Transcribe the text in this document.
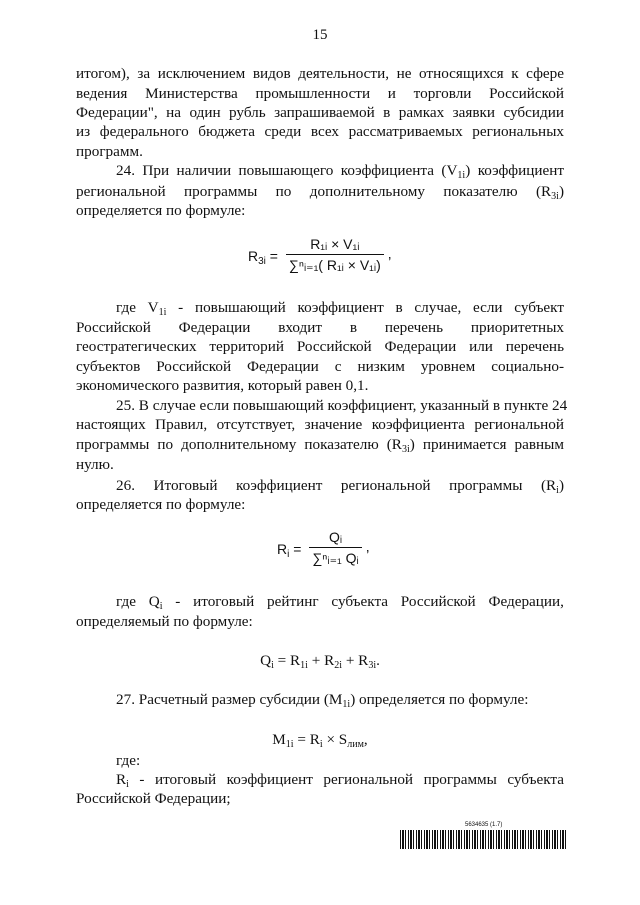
15
итогом), за исключением видов деятельности, не относящихся к сфере
ведения Министерства промышленности и торговли Российской
Федерации", на один рубль запрашиваемой в рамках заявки субсидии
из федерального бюджета среди всех рассматриваемых региональных
программ.
24. При наличии повышающего коэффициента $(V_{1i})$ коэффициент
региональной программы по дополнительному показателю $(R_{3i})$
определяется по формуле:
$R_{3i} = \frac{\text{R₁ᵢ × V₁ᵢ}}{\text{∑ⁿᵢ₌₁( R₁ᵢ × V₁ᵢ)}}$ ,
где $V_{1i}$ - повышающий коэффициент в случае, если субъект
Российской Федерации входит в перечень приоритетных
геостратегических территорий Российской Федерации или перечень
субъектов Российской Федерации с низким уровнем социально-
экономического развития, который равен 0,1.
25. В случае если повышающий коэффициент, указанный в пункте 24
настоящих Правил, отсутствует, значение коэффициента региональной
программы по дополнительному показателю $(R_{3i})$ принимается равным
нулю.
26. Итоговый коэффициент региональной программы $(R_i)$
определяется по формуле:
$R_i = \frac{\text{Qᵢ}}{\text{∑ⁿᵢ₌₁ Qᵢ}}$ ,
где $Q_i$ - итоговый рейтинг субъекта Российской Федерации,
определяемый по формуле:
$Q_i = R_{1i} + R_{2i} + R_{3i}$.
27. Расчетный размер субсидии $(M_{1i})$ определяется по формуле:
$M_{1i} = R_i \times S_{лим}$,
где:
$R_i$ - итоговый коэффициент региональной программы субъекта
Российской Федерации;
5634635 (1.7)
